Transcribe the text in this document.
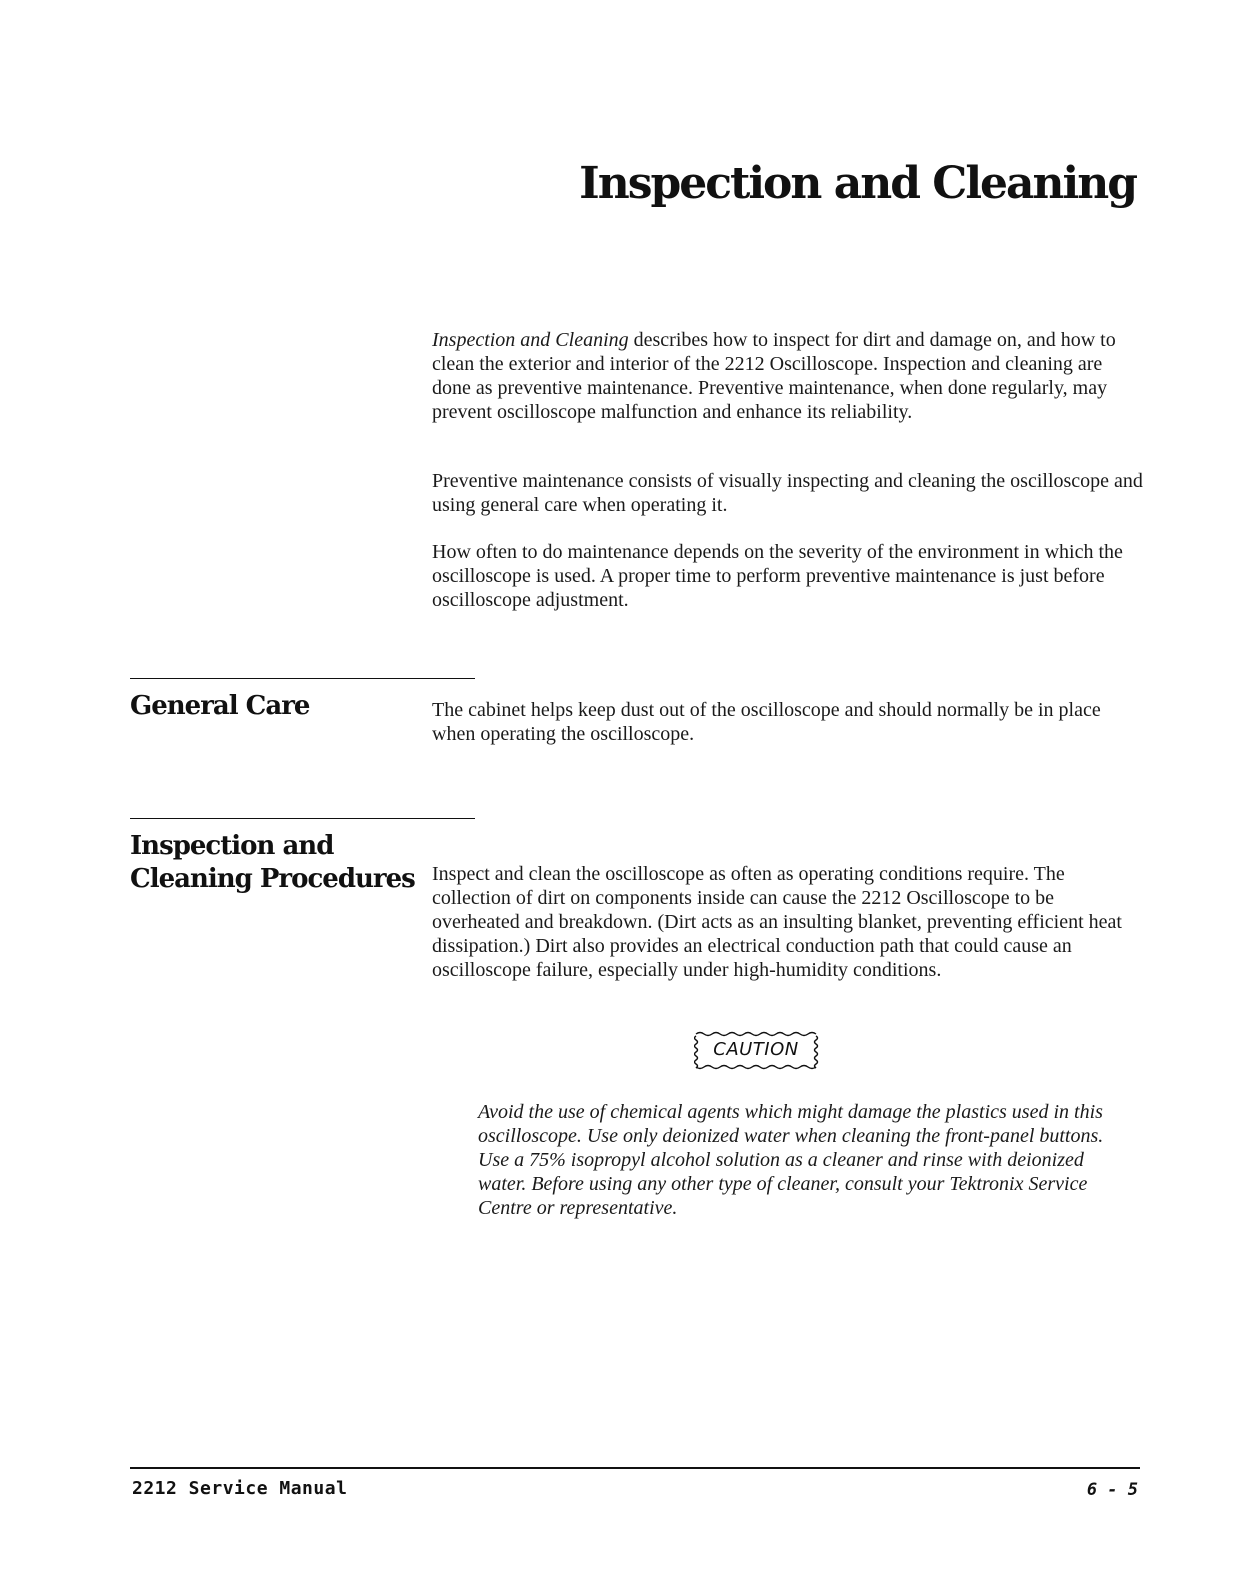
Inspection and Cleaning

Inspection and Cleaning describes how to inspect for dirt and damage on, and how to clean the exterior and interior of the 2212 Oscilloscope. Inspection and cleaning are done as preventive maintenance. Preventive maintenance, when done regularly, may prevent oscilloscope malfunction and enhance its reliability.

Preventive maintenance consists of visually inspecting and cleaning the oscilloscope and using general care when operating it.

How often to do maintenance depends on the severity of the environment in which the oscilloscope is used. A proper time to perform preventive maintenance is just before oscilloscope adjustment.

General Care	The cabinet helps keep dust out of the oscilloscope and should normally be in place when operating the oscilloscope.

Inspection and
Cleaning Procedures Inspect and clean the oscilloscope as often as operating conditions require. The collection of dirt on components inside can cause the 2212 Oscilloscope to be overheated and breakdown. (Dirt acts as an insulting blanket, preventing efficient heat dissipation.) Dirt also provides an electrical conduction path that could cause an oscilloscope failure, especially under high-humidity conditions.

CAUTION

Avoid the use of chemical agents which might damage the plastics used in this oscilloscope. Use only deionized water when cleaning the front-panel buttons. Use a 75% isopropyl alcohol solution as a cleaner and rinse with deionized water. Before using any other type of cleaner, consult your Tektronix Service Centre or representative.

2212 Service Manual	6 - 5
